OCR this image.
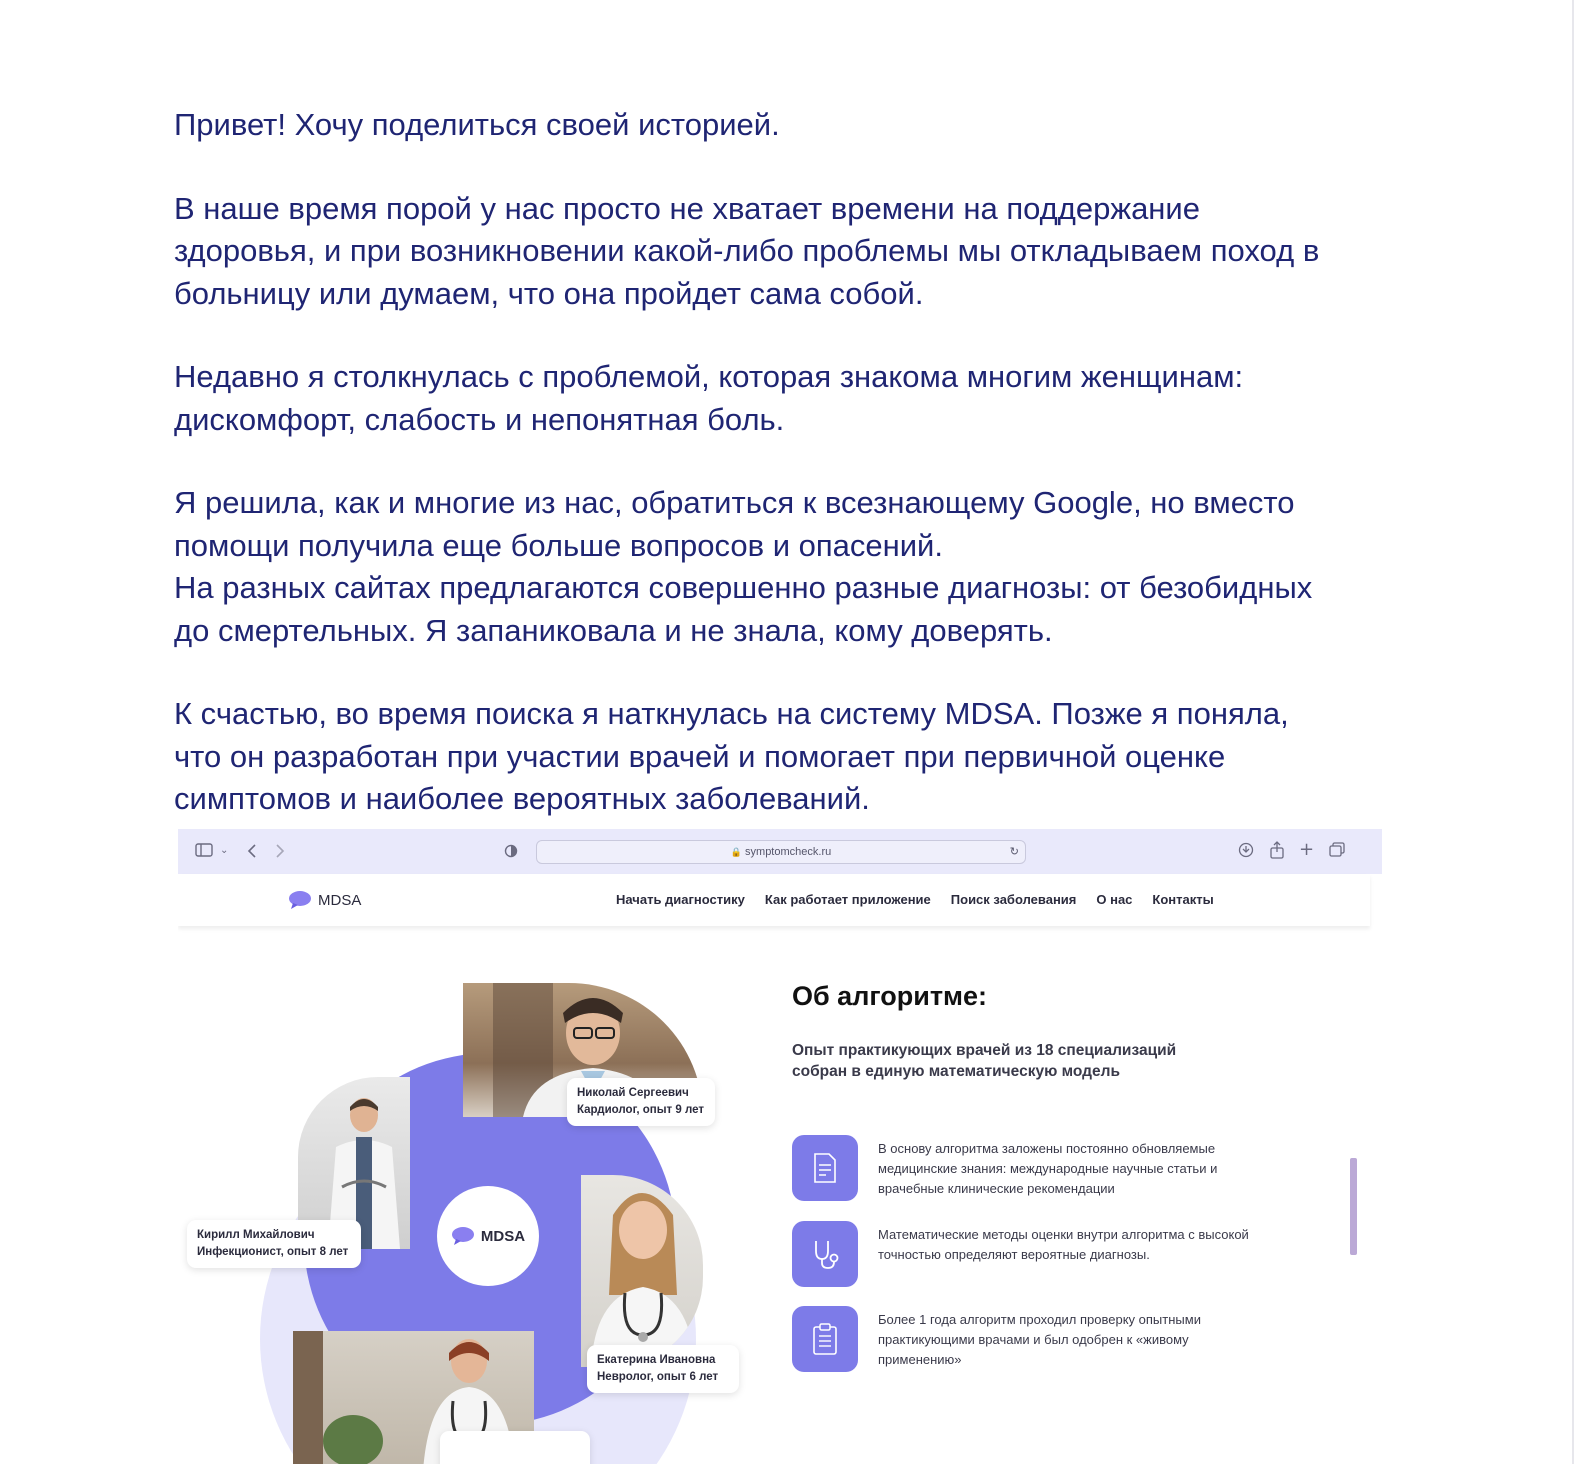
Привет! Хочу поделиться своей историей.

В наше время порой у нас просто не хватает времени на поддержание
здоровья, и при возникновении какой-либо проблемы мы откладываем поход в
больницу или думаем, что она пройдет сама собой.

Недавно я столкнулась с проблемой, которая знакома многим женщинам:
дискомфорт, слабость и непонятная боль.

Я решила, как и многие из нас, обратиться к всезнающему Google, но вместо
помощи получила еще больше вопросов и опасений.
На разных сайтах предлагаются совершенно разные диагнозы: от безобидных
до смертельных. Я запаниковала и не знала, кому доверять.

К счастью, во время поиска я наткнулась на систему MDSA. Позже я поняла,
что он разработан при участии врачей и помогает при первичной оценке
симптомов и наиболее вероятных заболеваний.

⌄	🔒 symptomcheck.ru	↻	+
MDSA	Начать диагностику Как работает приложение Поиск заболевания О нас Контакты
MDSA
Николай Сергеевич
Кардиолог, опыт 9 лет
Кирилл Михайлович
Инфекционист, опыт 8 лет
Екатерина Ивановна
Невролог, опыт 6 лет
Об алгоритме:
Опыт практикующих врачей из 18 специализаций собран в единую математическую модель
В основу алгоритма заложены постоянно обновляемые медицинские знания: международные научные статьи и врачебные клинические рекомендации
Математические методы оценки внутри алгоритма с высокой точностью определяют вероятные диагнозы.
Более 1 года алгоритм проходил проверку опытными практикующими врачами и был одобрен к «живому применению»
